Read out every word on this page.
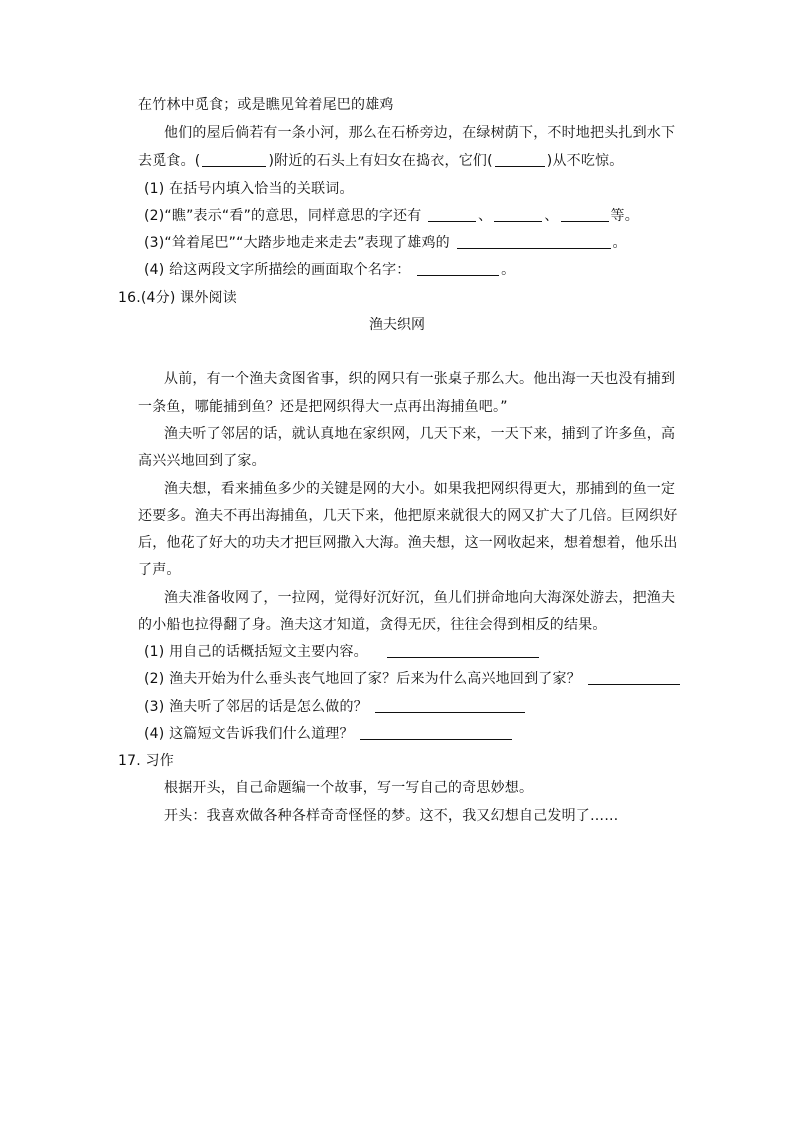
在竹林中觅食；或是瞧见耸着尾巴的雄鸡
他们的屋后倘若有一条小河，那么在石桥旁边，在绿树荫下，不时地把头扎到水下
去觅食。(	)附近的石头上有妇女在捣衣，它们(	)从不吃惊。
(1) 在括号内填入恰当的关联词。
(2)“瞧”表示“看”的意思，同样意思的字还有	、	、	等。
(3)“耸着尾巴”“大踏步地走来走去”表现了雄鸡的	。
(4) 给这两段文字所描绘的画面取个名字：	。
16.(4分) 课外阅读
渔夫织网
从前，有一个渔夫贪图省事，织的网只有一张桌子那么大。他出海一天也没有捕到
一条鱼，哪能捕到鱼？还是把网织得大一点再出海捕鱼吧。”
渔夫听了邻居的话，就认真地在家织网，几天下来，一天下来，捕到了许多鱼，高
高兴兴地回到了家。
渔夫想，看来捕鱼多少的关键是网的大小。如果我把网织得更大，那捕到的鱼一定
还要多。渔夫不再出海捕鱼，几天下来，他把原来就很大的网又扩大了几倍。巨网织好
后，他花了好大的功夫才把巨网撒入大海。渔夫想，这一网收起来，想着想着，他乐出
了声。
渔夫准备收网了，一拉网，觉得好沉好沉，鱼儿们拼命地向大海深处游去，把渔夫
的小船也拉得翻了身。渔夫这才知道，贪得无厌，往往会得到相反的结果。
(1) 用自己的话概括短文主要内容。
(2) 渔夫开始为什么垂头丧气地回了家？后来为什么高兴地回到了家？
(3) 渔夫听了邻居的话是怎么做的？
(4) 这篇短文告诉我们什么道理？
17. 习作
根据开头，自己命题编一个故事，写一写自己的奇思妙想。
开头：我喜欢做各种各样奇奇怪怪的梦。这不，我又幻想自己发明了……
